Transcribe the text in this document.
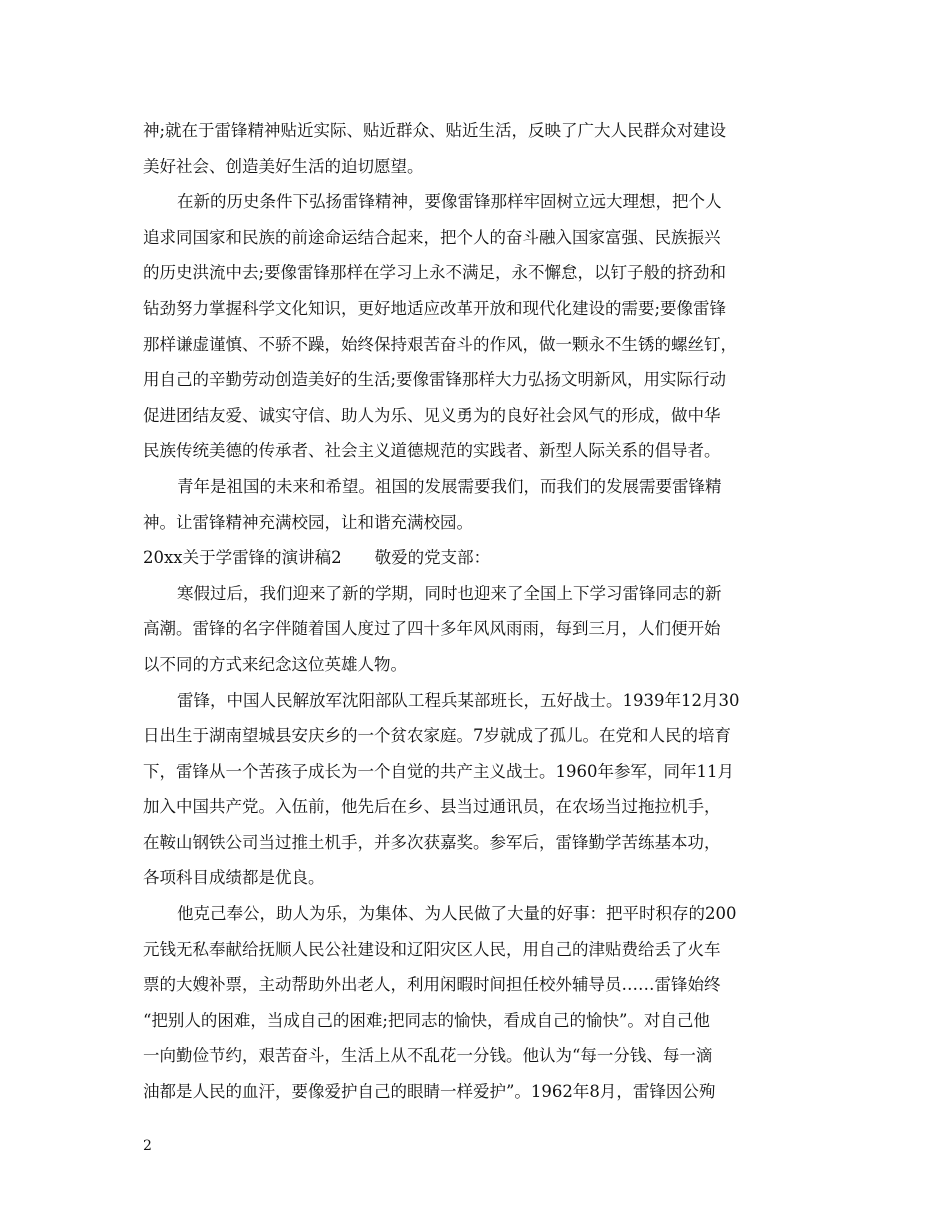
神;就在于雷锋精神贴近实际、贴近群众、贴近生活，反映了广大人民群众对建设
美好社会、创造美好生活的迫切愿望。
在新的历史条件下弘扬雷锋精神，要像雷锋那样牢固树立远大理想，把个人
追求同国家和民族的前途命运结合起来，把个人的奋斗融入国家富强、民族振兴
的历史洪流中去;要像雷锋那样在学习上永不满足，永不懈怠，以钉子般的挤劲和
钻劲努力掌握科学文化知识，更好地适应改革开放和现代化建设的需要;要像雷锋
那样谦虚谨慎、不骄不躁，始终保持艰苦奋斗的作风，做一颗永不生锈的螺丝钉，
用自己的辛勤劳动创造美好的生活;要像雷锋那样大力弘扬文明新风，用实际行动
促进团结友爱、诚实守信、助人为乐、见义勇为的良好社会风气的形成，做中华
民族传统美德的传承者、社会主义道德规范的实践者、新型人际关系的倡导者。
青年是祖国的未来和希望。祖国的发展需要我们，而我们的发展需要雷锋精
神。让雷锋精神充满校园，让和谐充满校园。
20xx关于学雷锋的演讲稿2　　敬爱的党支部：
寒假过后，我们迎来了新的学期，同时也迎来了全国上下学习雷锋同志的新
高潮。雷锋的名字伴随着国人度过了四十多年风风雨雨，每到三月，人们便开始
以不同的方式来纪念这位英雄人物。
雷锋，中国人民解放军沈阳部队工程兵某部班长，五好战士。1939年12月30
日出生于湖南望城县安庆乡的一个贫农家庭。7岁就成了孤儿。在党和人民的培育
下，雷锋从一个苦孩子成长为一个自觉的共产主义战士。1960年参军，同年11月
加入中国共产党。入伍前，他先后在乡、县当过通讯员，在农场当过拖拉机手，
在鞍山钢铁公司当过推土机手，并多次获嘉奖。参军后，雷锋勤学苦练基本功，
各项科目成绩都是优良。
他克己奉公，助人为乐，为集体、为人民做了大量的好事：把平时积存的200
元钱无私奉献给抚顺人民公社建设和辽阳灾区人民，用自己的津贴费给丢了火车
票的大嫂补票，主动帮助外出老人，利用闲暇时间担任校外辅导员……雷锋始终
“把别人的困难，当成自己的困难;把同志的愉快，看成自己的愉快”。对自己他
一向勤俭节约，艰苦奋斗，生活上从不乱花一分钱。他认为“每一分钱、每一滴
油都是人民的血汗，要像爱护自己的眼睛一样爱护”。1962年8月，雷锋因公殉
2
